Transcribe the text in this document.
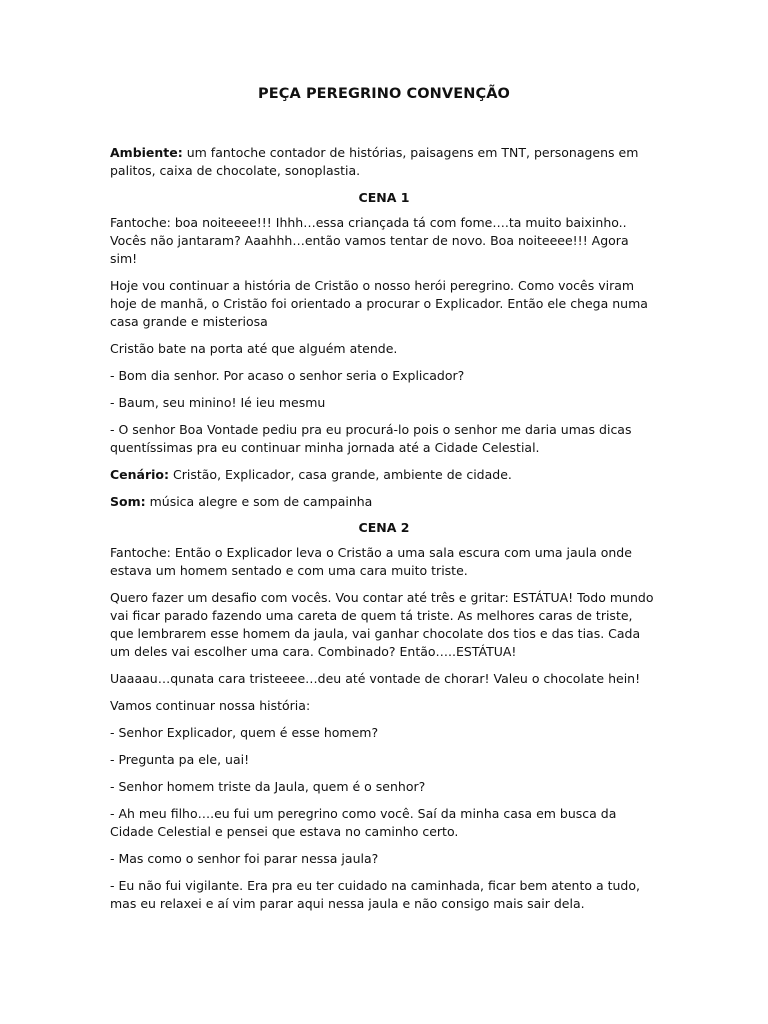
PEÇA PEREGRINO CONVENÇÃO

Ambiente: um fantoche contador de histórias, paisagens em TNT, personagens em palitos, caixa de chocolate, sonoplastia.

CENA 1

Fantoche: boa noiteeee!!! Ihhh…essa criançada tá com fome….ta muito baixinho.. Vocês não jantaram? Aaahhh…então vamos tentar de novo. Boa noiteeee!!! Agora sim!

Hoje vou continuar a história de Cristão o nosso herói peregrino. Como vocês viram hoje de manhã, o Cristão foi orientado a procurar o Explicador. Então ele chega numa casa grande e misteriosa

Cristão bate na porta até que alguém atende.

- Bom dia senhor. Por acaso o senhor seria o Explicador?

- Baum, seu minino! Ié ieu mesmu

- O senhor Boa Vontade pediu pra eu procurá-lo pois o senhor me daria umas dicas quentíssimas pra eu continuar minha jornada até a Cidade Celestial.

Cenário: Cristão, Explicador, casa grande, ambiente de cidade.

Som: música alegre e som de campainha

CENA 2

Fantoche: Então o Explicador leva o Cristão a uma sala escura com uma jaula onde estava um homem sentado e com uma cara muito triste.

Quero fazer um desafio com vocês. Vou contar até três e gritar: ESTÁTUA! Todo mundo vai ficar parado fazendo uma careta de quem tá triste. As melhores caras de triste, que lembrarem esse homem da jaula, vai ganhar chocolate dos tios e das tias. Cada um deles vai escolher uma cara. Combinado? Então…..ESTÁTUA!

Uaaaau…qunata cara tristeeee…deu até vontade de chorar! Valeu o chocolate hein!

Vamos continuar nossa história:

- Senhor Explicador, quem é esse homem?

- Pregunta pa ele, uai!

- Senhor homem triste da Jaula, quem é o senhor?

- Ah meu filho….eu fui um peregrino como você. Saí da minha casa em busca da Cidade Celestial e pensei que estava no caminho certo.

- Mas como o senhor foi parar nessa jaula?

- Eu não fui vigilante. Era pra eu ter cuidado na caminhada, ficar bem atento a tudo, mas eu relaxei e aí vim parar aqui nessa jaula e não consigo mais sair dela.
